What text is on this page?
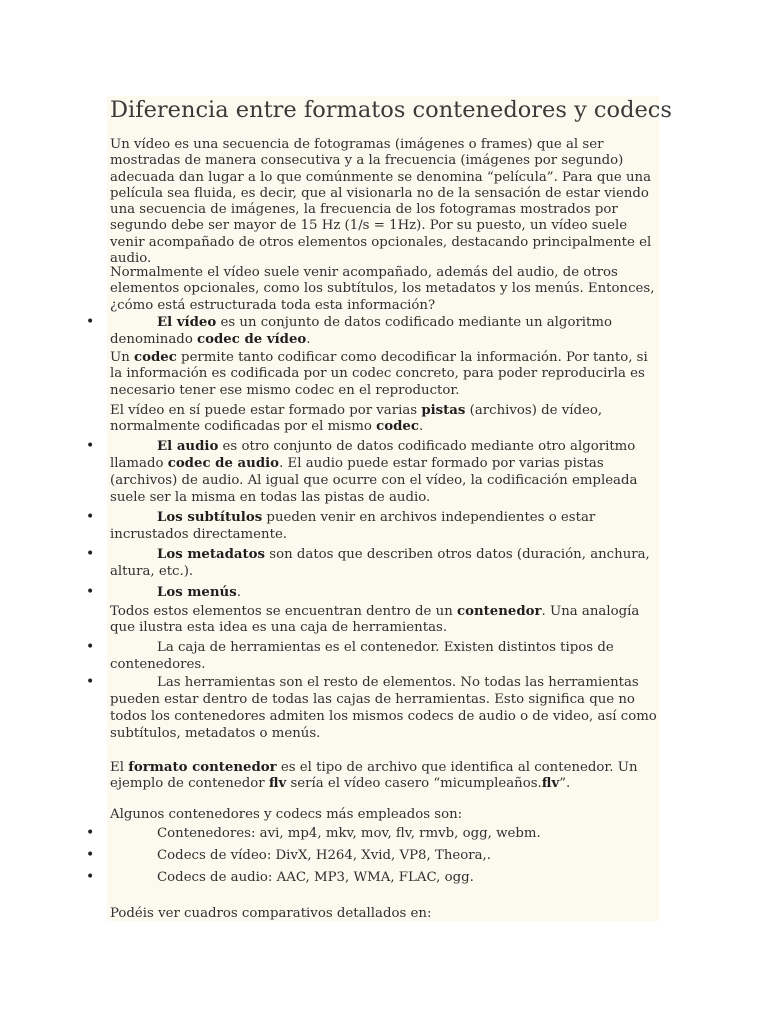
Diferencia entre formatos contenedores y codecs

Un vídeo es una secuencia de fotogramas (imágenes o frames) que al ser mostradas de manera consecutiva y a la frecuencia (imágenes por segundo) adecuada dan lugar a lo que comúnmente se denomina “película”. Para que una película sea fluida, es decir, que al visionarla no de la sensación de estar viendo una secuencia de imágenes, la frecuencia de los fotogramas mostrados por segundo debe ser mayor de 15 Hz (1/s = 1Hz). Por su puesto, un vídeo suele venir acompañado de otros elementos opcionales, destacando principalmente el audio.

Normalmente el vídeo suele venir acompañado, además del audio, de otros elementos opcionales, como los subtítulos, los metadatos y los menús. Entonces, ¿cómo está estructurada toda esta información?

•	El vídeo es un conjunto de datos codificado mediante un algoritmo denominado codec de vídeo.

Un codec permite tanto codificar como decodificar la información. Por tanto, si la información es codificada por un codec concreto, para poder reproducirla es necesario tener ese mismo codec en el reproductor.

El vídeo en sí puede estar formado por varias pistas (archivos) de vídeo, normalmente codificadas por el mismo codec.

•	El audio es otro conjunto de datos codificado mediante otro algoritmo llamado codec de audio. El audio puede estar formado por varias pistas (archivos) de audio. Al igual que ocurre con el vídeo, la codificación empleada suele ser la misma en todas las pistas de audio.

•	Los subtítulos pueden venir en archivos independientes o estar incrustados directamente.

•	Los metadatos son datos que describen otros datos (duración, anchura, altura, etc.).

•	Los menús.

Todos estos elementos se encuentran dentro de un contenedor. Una analogía que ilustra esta idea es una caja de herramientas.

•	La caja de herramientas es el contenedor. Existen distintos tipos de contenedores.

•	Las herramientas son el resto de elementos. No todas las herramientas pueden estar dentro de todas las cajas de herramientas. Esto significa que no todos los contenedores admiten los mismos codecs de audio o de video, así como subtítulos, metadatos o menús.

El formato contenedor es el tipo de archivo que identifica al contenedor. Un ejemplo de contenedor flv sería el vídeo casero “micumpleaños.flv”.

Algunos contenedores y codecs más empleados son:

•	Contenedores: avi, mp4, mkv, mov, flv, rmvb, ogg, webm.

•	Codecs de vídeo: DivX, H264, Xvid, VP8, Theora,.

•	Codecs de audio: AAC, MP3, WMA, FLAC, ogg.

Podéis ver cuadros comparativos detallados en:
